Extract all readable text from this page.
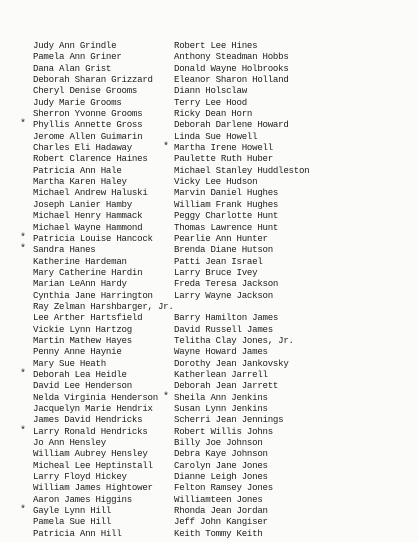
Judy Ann Grindle
Pamela Ann Griner
Dana Alan Grist
Deborah Sharan Grizzard
Cheryl Denise Grooms
Judy Marie Grooms
Sherron Yvonne Grooms
* Phyllis Annette Gross
Jerome Allen Guimarin
Charles Eli Hadaway
Robert Clarence Haines
Patricia Ann Hale
Martha Karen Haley
Michael Andrew Haluski
Joseph Lanier Hamby
Michael Henry Hammack
Michael Wayne Hammond
* Patricia Louise Hancock
* Sandra Hanes
Katherine Hardeman
Mary Catherine Hardin
Marian LeAnn Hardy
Cynthia Jane Harrington
Ray Zelman Harshbarger, Jr.
Lee Arther Hartsfield
Vickie Lynn Hartzog
Martin Mathew Hayes
Penny Anne Haynie
Mary Sue Heath
* Deborah Lea Heidle
David Lee Henderson
Nelda Virginia Henderson
Jacquelyn Marie Hendrix
James David Hendricks
* Larry Ronald Hendricks
Jo Ann Hensley
William Aubrey Hensley
Micheal Lee Heptinstall
Larry Floyd Hickey
William James Hightower
Aaron James Higgins
* Gayle Lynn Hill
Pamela Sue Hill
Patricia Ann Hill
Robert Lee Hines
Anthony Steadman Hobbs
Donald Wayne Holbrooks
Eleanor Sharon Holland
Diann Holsclaw
Terry Lee Hood
Ricky Dean Horn
Deborah Darlene Howard
Linda Sue Howell
* Martha Irene Howell
Paulette Ruth Huber
Michael Stanley Huddleston
Vicky Lee Hudson
Marvin Daniel Hughes
William Frank Hughes
Peggy Charlotte Hunt
Thomas Lawrence Hunt
Pearlie Ann Hunter
Brenda Diane Hutson
Patti Jean Israel
Larry Bruce Ivey
Freda Teresa Jackson
Larry Wayne Jackson
Barry Hamilton James
David Russell James
Telitha Clay Jones, Jr.
Wayne Howard James
Dorothy Jean Jankovsky
Katherlean Jarrell
Deborah Jean Jarrett
* Sheila Ann Jenkins
Susan Lynn Jenkins
Scherri Jean Jennings
Robert Willis Johns
Billy Joe Johnson
Debra Kaye Johnson
Carolyn Jane Jones
Dianne Leigh Jones
Felton Ramsey Jones
Williamteen Jones
Rhonda Jean Jordan
Jeff John Kangiser
Keith Tommy Keith
